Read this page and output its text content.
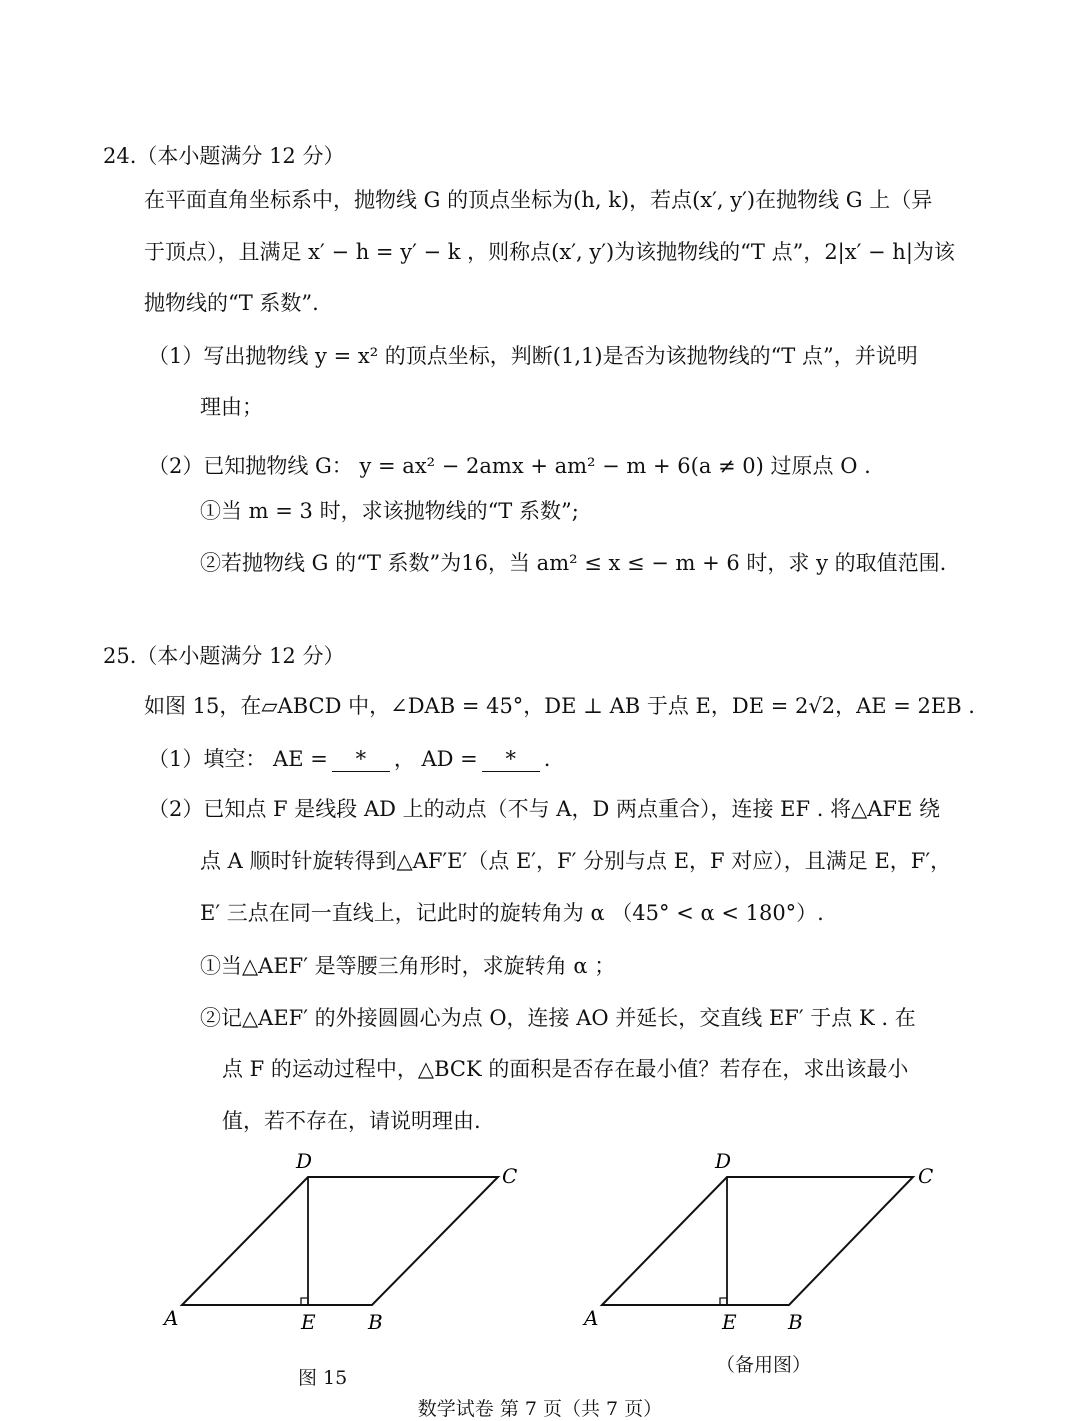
24.（本小题满分 12 分）
在平面直角坐标系中，抛物线 G 的顶点坐标为(h, k)，若点(x′, y′)在抛物线 G 上（异
于顶点），且满足 x′ − h = y′ − k ，则称点(x′, y′)为该抛物线的“T 点”，2|x′ − h|为该
抛物线的“T 系数”.
（1）写出抛物线 y = x² 的顶点坐标，判断(1,1)是否为该抛物线的“T 点”，并说明
理由；
（2）已知抛物线 G： y = ax² − 2amx + am² − m + 6(a ≠ 0) 过原点 O .
①当 m = 3 时，求该抛物线的“T 系数”;
②若抛物线 G 的“T 系数”为16，当 am² ≤ x ≤ − m + 6 时，求 y 的取值范围.
25.（本小题满分 12 分）
如图 15，在▱ABCD 中，∠DAB = 45°，DE ⊥ AB 于点 E，DE = 2√2，AE = 2EB .
（1）填空： AE = * ， AD = * .
（2）已知点 F 是线段 AD 上的动点（不与 A，D 两点重合），连接 EF . 将△AFE 绕
点 A 顺时针旋转得到△AF′E′（点 E′，F′ 分别与点 E，F 对应），且满足 E，F′，
E′ 三点在同一直线上，记此时的旋转角为 α （45° < α < 180°）.
①当△AEF′ 是等腰三角形时，求旋转角 α ；
②记△AEF′ 的外接圆圆心为点 O，连接 AO 并延长，交直线 EF′ 于点 K . 在
点 F 的运动过程中，△BCK 的面积是否存在最小值？若存在，求出该最小
值，若不存在，请说明理由.
A	E	B
C
D
图 15
A	E	B
C
D
（备用图）
数学试卷 第 7 页（共 7 页）
